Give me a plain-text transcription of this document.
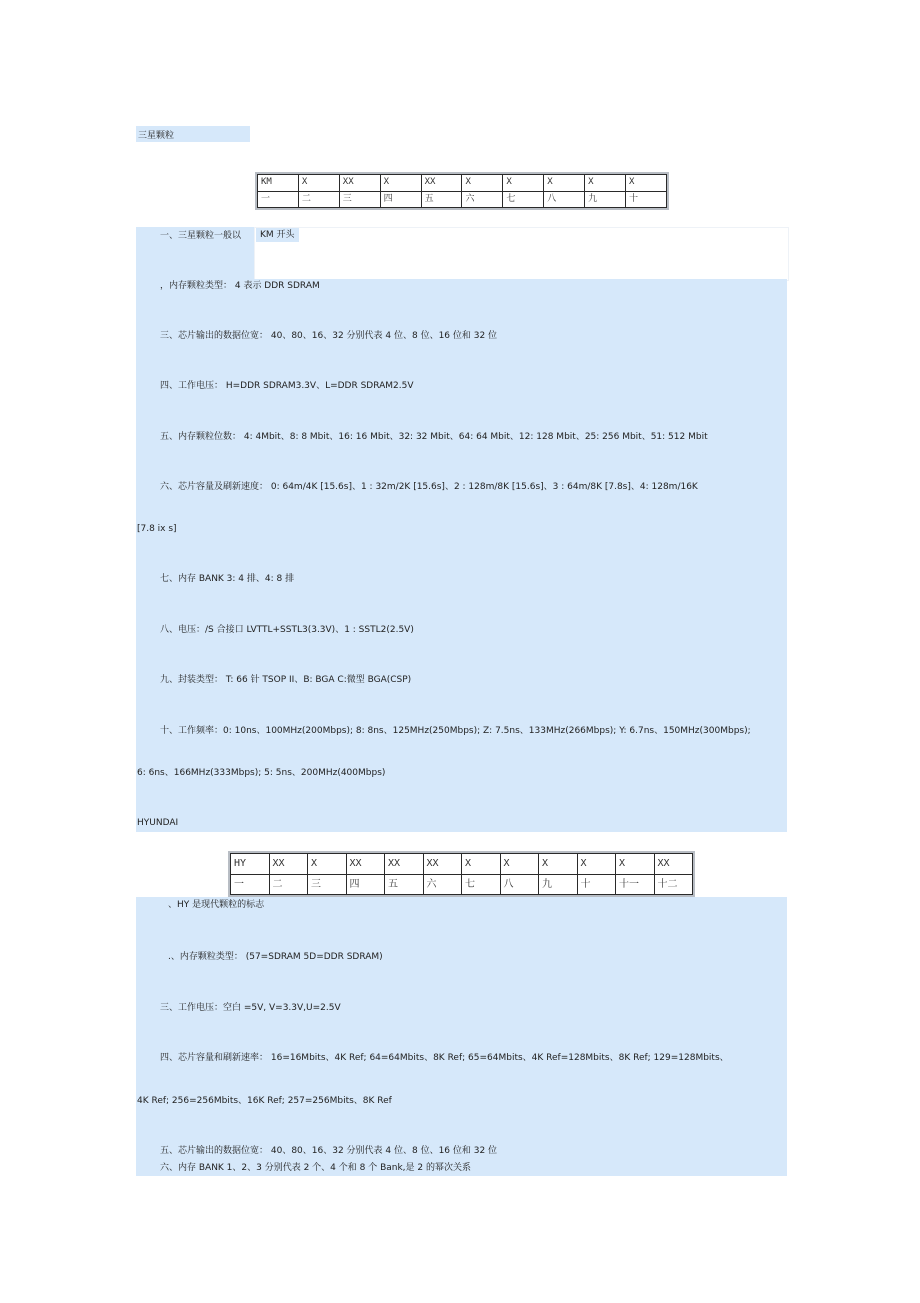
三星颗粒
KM	X	XX	X	XX	X	X	X	X	X
一	二	三	四	五	六	七	八	九	十
一、三星颗粒一般以	KM 开头
，内存颗粒类型： 4 表示 DDR SDRAM
三、芯片输出的数据位宽： 40、80、16、32 分别代表 4 位、8 位、16 位和 32 位
四、工作电压： H=DDR SDRAM3.3V、L=DDR SDRAM2.5V
五、内存颗粒位数： 4: 4Mbit、8: 8 Mbit、16: 16 Mbit、32: 32 Mbit、64: 64 Mbit、12: 128 Mbit、25: 256 Mbit、51: 512 Mbit
六、芯片容量及刷新速度： 0: 64m/4K [15.6s]、1 : 32m/2K [15.6s]、2 : 128m/8K [15.6s]、3 : 64m/8K [7.8s]、4: 128m/16K
[7.8 ix s]
七、内存 BANK 3: 4 排、4: 8 排
八、电压：/S 合接口 LVTTL+SSTL3(3.3V)、1 : SSTL2(2.5V)
九、封装类型： T: 66 针 TSOP II、B: BGA C:微型 BGA(CSP)
十、工作频率：0: 10ns、100MHz(200Mbps); 8: 8ns、125MHz(250Mbps); Z: 7.5ns、133MHz(266Mbps); Y: 6.7ns、150MHz(300Mbps);
6: 6ns、166MHz(333Mbps); 5: 5ns、200MHz(400Mbps)
HYUNDAI
HY	XX	X	XX	XX	XX	X	X	X	X	X	XX
一	二	三	四	五	六	七	八	九	十	十一	十二
、HY 是现代颗粒的标志
.、内存颗粒类型： (57=SDRAM 5D=DDR SDRAM)
三、工作电压：空白 =5V, V=3.3V,U=2.5V
四、芯片容量和刷新速率： 16=16Mbits、4K Ref; 64=64Mbits、8K Ref; 65=64Mbits、4K Ref=128Mbits、8K Ref; 129=128Mbits、
4K Ref; 256=256Mbits、16K Ref; 257=256Mbits、8K Ref
五、芯片输出的数据位宽： 40、80、16、32 分别代表 4 位、8 位、16 位和 32 位
六、内存 BANK 1、2、3 分别代表 2 个、4 个和 8 个 Bank,是 2 的幂次关系
